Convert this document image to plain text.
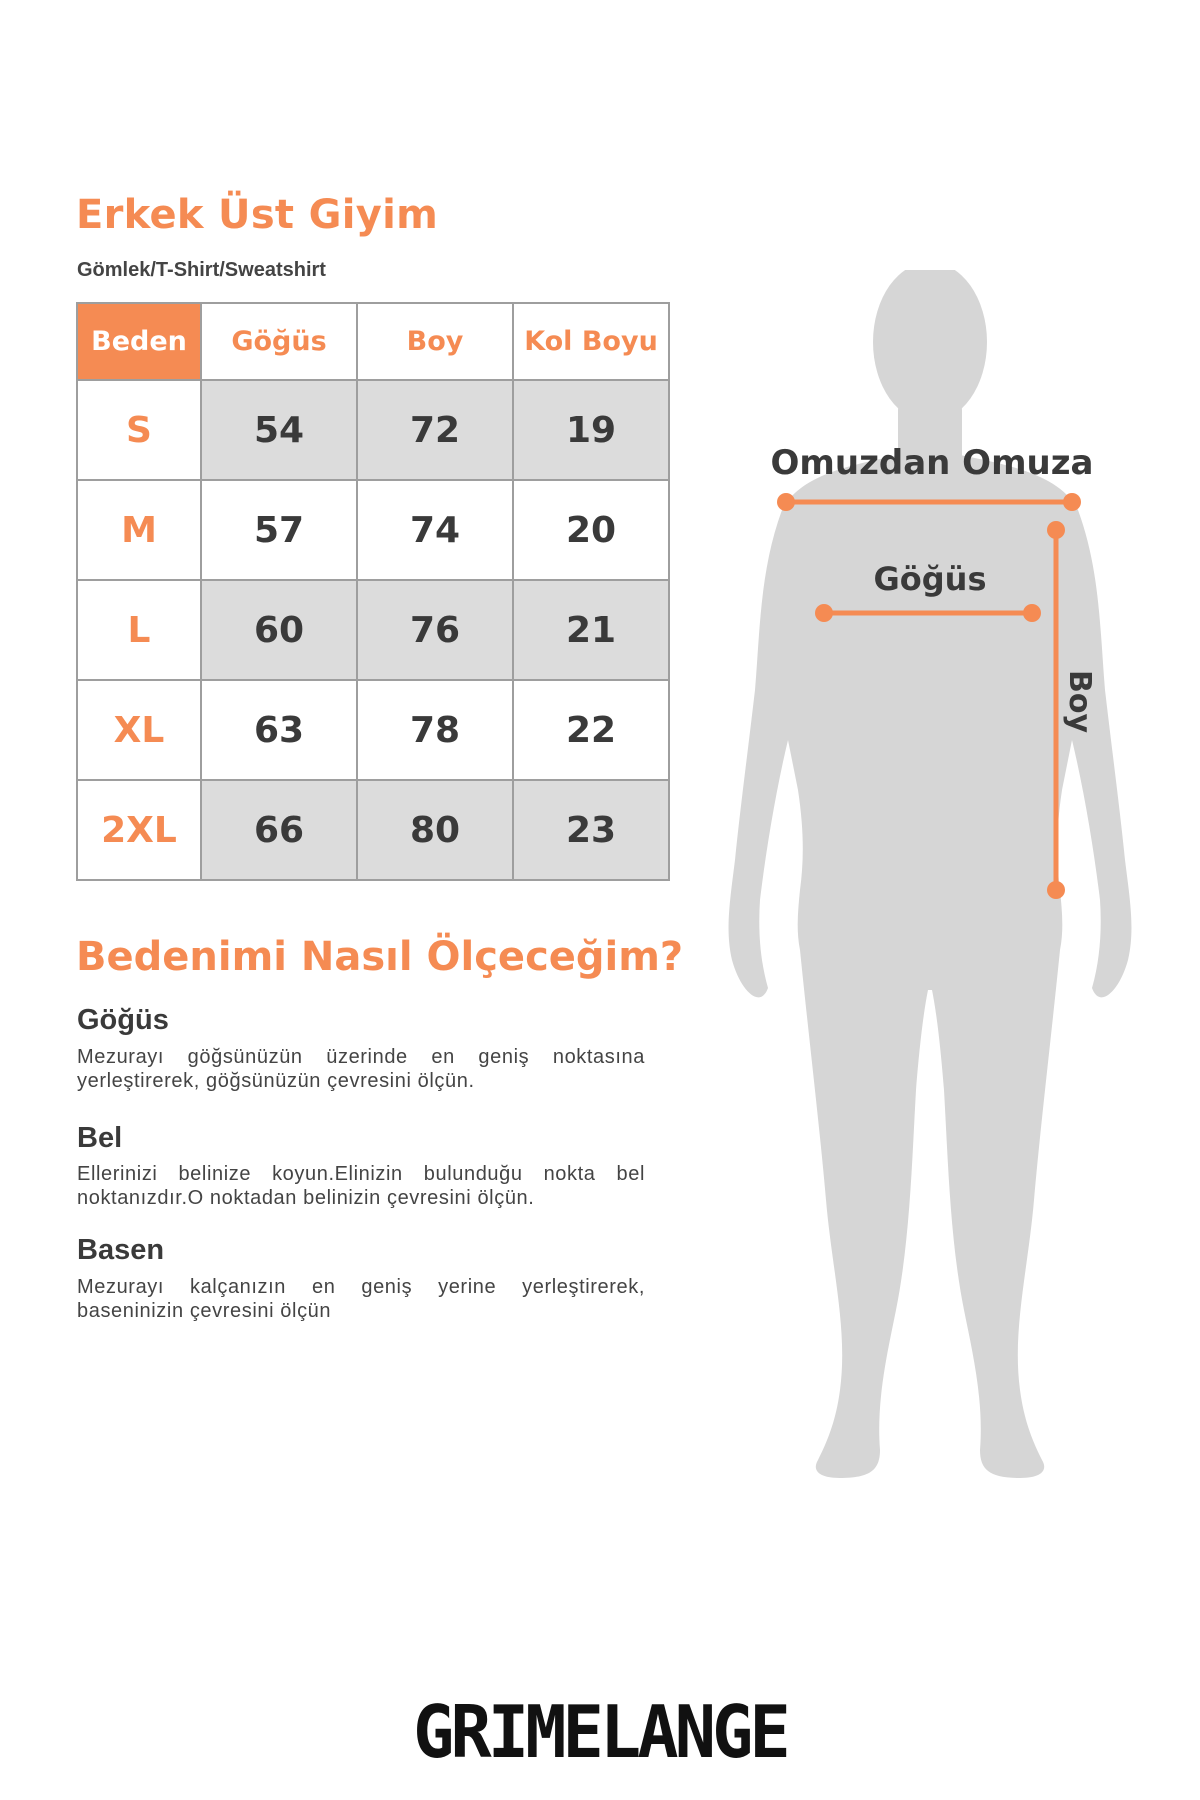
Erkek Üst Giyim
Gömlek/T-Shirt/Sweatshirt
Beden	Göğüs	Boy	Kol Boyu
S	54	72	19
M	57	74	20
L	60	76	21
XL	63	78	22
2XL	66	80	23
Bedenimi Nasıl Ölçeceğim?
Göğüs

Mezurayı göğsünüzün üzerinde en geniş noktasına yerleştirerek, göğsünüzün çevresini ölçün.

Bel

Ellerinizi belinize koyun.Elinizin bulunduğu nokta bel noktanızdır.O noktadan belinizin çevresini ölçün.

Basen

Mezurayı kalçanızın en geniş yerine yerleştirerek, baseninizin çevresini ölçün

Omuzdan Omuza
Göğüs
Boy
GRIMELANGE
